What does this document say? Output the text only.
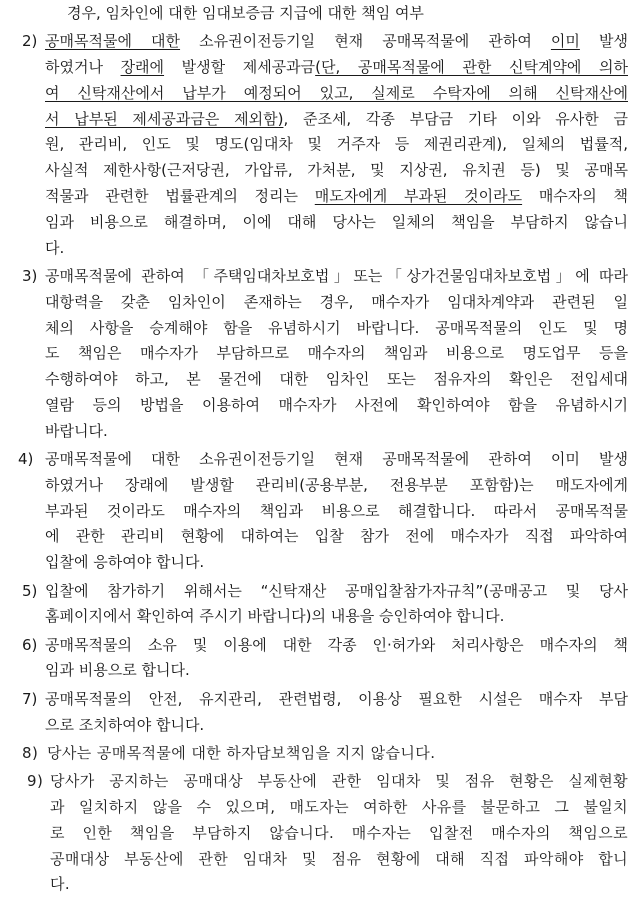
경우, 임차인에 대한 임대보증금 지급에 대한 책임 여부
2) 공매목적물에 대한 소유권이전등기일 현재 공매목적물에 관하여 이미 발생
하였거나 장래에 발생할 제세공과금(단, 공매목적물에 관한 신탁계약에 의하
여 신탁재산에서 납부가 예정되어 있고, 실제로 수탁자에 의해 신탁재산에
서 납부된 제세공과금은 제외함), 준조세, 각종 부담금 기타 이와 유사한 금
원, 관리비, 인도 및 명도(임대차 및 거주자 등 제권리관계), 일체의 법률적,
사실적 제한사항(근저당권, 가압류, 가처분, 및 지상권, 유치권 등) 및 공매목
적물과 관련한 법률관계의 정리는 매도자에게 부과된 것이라도 매수자의 책
임과 비용으로 해결하며, 이에 대해 당사는 일체의 책임을 부담하지 않습니
다.
3) 공매목적물에 관하여 「주택임대차보호법」또는「상가건물임대차보호법」에 따라
대항력을 갖춘 임차인이 존재하는 경우, 매수자가 임대차계약과 관련된 일
체의 사항을 승계해야 함을 유념하시기 바랍니다. 공매목적물의 인도 및 명
도 책임은 매수자가 부담하므로 매수자의 책임과 비용으로 명도업무 등을
수행하여야 하고, 본 물건에 대한 임차인 또는 점유자의 확인은 전입세대
열람 등의 방법을 이용하여 매수자가 사전에 확인하여야 함을 유념하시기
바랍니다.
4) 공매목적물에 대한 소유권이전등기일 현재 공매목적물에 관하여 이미 발생
하였거나 장래에 발생할 관리비(공용부분, 전용부분 포함함)는 매도자에게
부과된 것이라도 매수자의 책임과 비용으로 해결합니다. 따라서 공매목적물
에 관한 관리비 현황에 대하여는 입찰 참가 전에 매수자가 직접 파악하여
입찰에 응하여야 합니다.
5) 입찰에 참가하기 위해서는 “신탁재산 공매입찰참가자규칙”(공매공고 및 당사
홈페이지에서 확인하여 주시기 바랍니다)의 내용을 승인하여야 합니다.
6) 공매목적물의 소유 및 이용에 대한 각종 인·허가와 처리사항은 매수자의 책
임과 비용으로 합니다.
7) 공매목적물의 안전, 유지관리, 관련법령, 이용상 필요한 시설은 매수자 부담
으로 조치하여야 합니다.
8) 당사는 공매목적물에 대한 하자담보책임을 지지 않습니다.
9) 당사가 공지하는 공매대상 부동산에 관한 임대차 및 점유 현황은 실제현황
과 일치하지 않을 수 있으며, 매도자는 여하한 사유를 불문하고 그 불일치
로 인한 책임을 부담하지 않습니다. 매수자는 입찰전 매수자의 책임으로
공매대상 부동산에 관한 임대차 및 점유 현황에 대해 직접 파악해야 합니
다.
